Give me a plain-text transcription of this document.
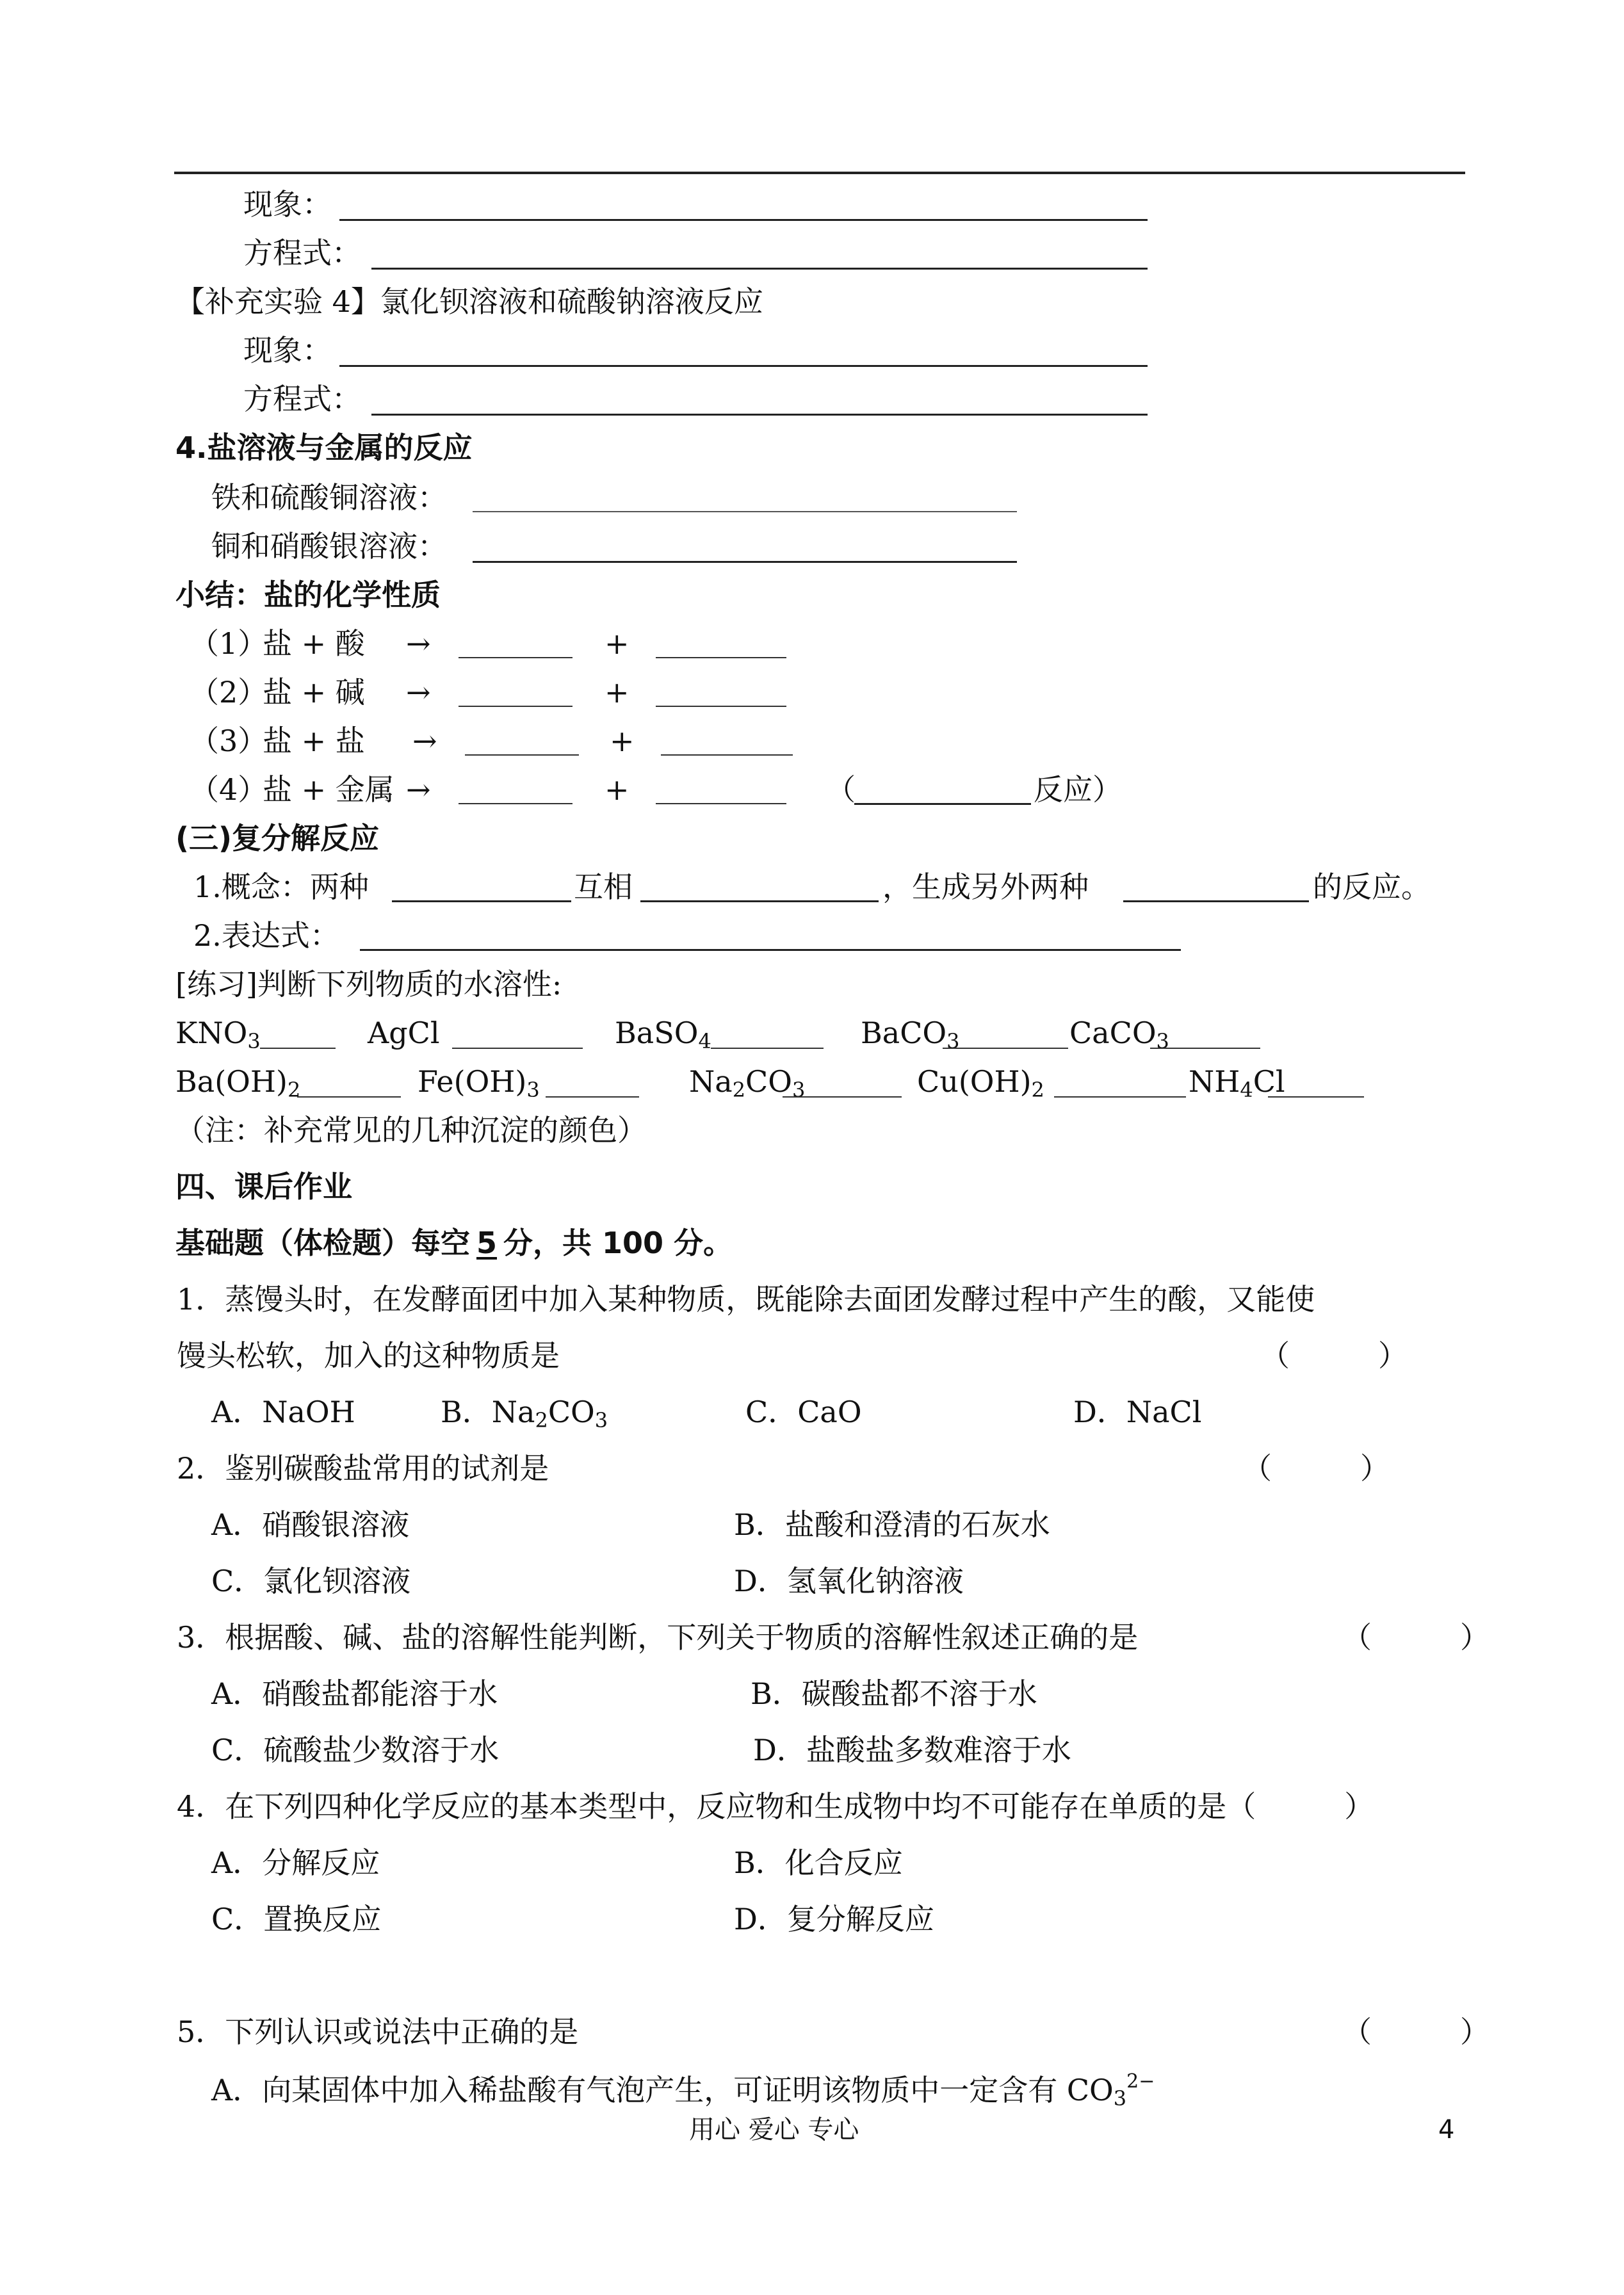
现象：
方程式：
【补充实验 4】氯化钡溶液和硫酸钠溶液反应
现象：
方程式：
4.盐溶液与金属的反应
铁和硫酸铜溶液：
铜和硝酸银溶液：
小结：盐的化学性质
（1）
盐 + 酸 →	+
（2）
盐 + 碱 →	+
（3）
盐 + 盐 →	+
（4）
盐 + 金属 →	+	（	反应）
(三)复分解反应
1.概念：两种	互相	，生成另外两种	的反应。
2.表达式：
[练习]判断下列物质的水溶性:
KNO3	AgCl	BaSO4	BaCO3	CaCO3
Ba(OH)2	Fe(OH)3	Na2CO3	Cu(OH)2	NH4Cl
（注：补充常见的几种沉淀的颜色）
四、课后作业
基础题（体检题）每空 5 分，共 100 分。
1．蒸馒头时，在发酵面团中加入某种物质，既能除去面团发酵过程中产生的酸，又能使
馒头松软，加入的这种物质是	（　　　）
A．NaOH	B．Na2CO3	C．CaO	D．NaCl
2．鉴别碳酸盐常用的试剂是	（　　　）
A．硝酸银溶液	B．盐酸和澄清的石灰水
C．氯化钡溶液	D．氢氧化钠溶液
3．根据酸、碱、盐的溶解性能判断，下列关于物质的溶解性叙述正确的是	（　　　）
A．硝酸盐都能溶于水	B．碳酸盐都不溶于水
C．硫酸盐少数溶于水	D．盐酸盐多数难溶于水
4．在下列四种化学反应的基本类型中，反应物和生成物中均不可能存在单质的是（　　　）
A．分解反应	B．化合反应
C．置换反应	D．复分解反应
5．下列认识或说法中正确的是	（　　　）
A．向某固体中加入稀盐酸有气泡产生，可证明该物质中一定含有 CO32−
用心 爱心 专心	4
